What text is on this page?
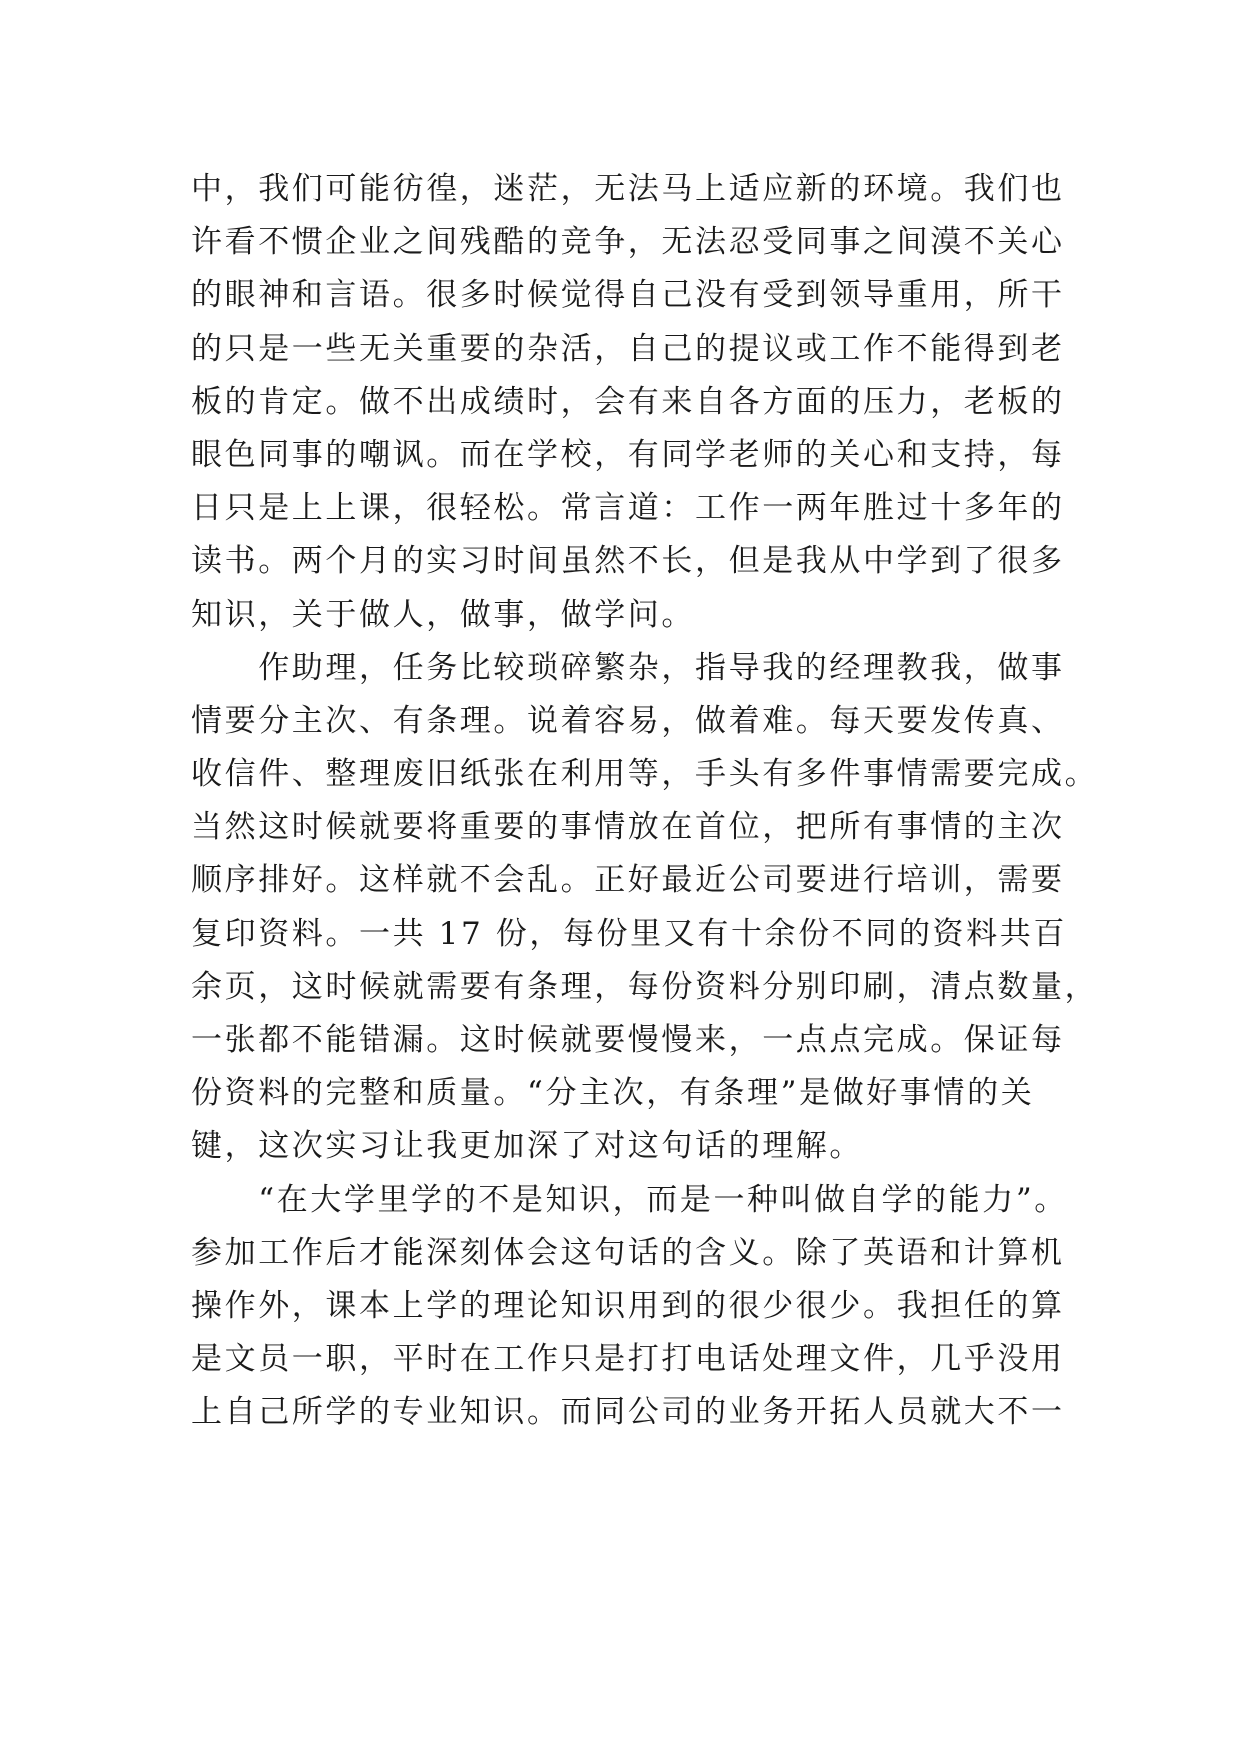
中，我们可能彷徨，迷茫，无法马上适应新的环境。我们也
许看不惯企业之间残酷的竞争，无法忍受同事之间漠不关心
的眼神和言语。很多时候觉得自己没有受到领导重用，所干
的只是一些无关重要的杂活，自己的提议或工作不能得到老
板的肯定。做不出成绩时，会有来自各方面的压力，老板的
眼色同事的嘲讽。而在学校，有同学老师的关心和支持，每
日只是上上课，很轻松。常言道：工作一两年胜过十多年的
读书。两个月的实习时间虽然不长，但是我从中学到了很多
知识，关于做人，做事，做学问。
　　作助理，任务比较琐碎繁杂，指导我的经理教我，做事
情要分主次、有条理。说着容易，做着难。每天要发传真、
收信件、整理废旧纸张在利用等，手头有多件事情需要完成。
当然这时候就要将重要的事情放在首位，把所有事情的主次
顺序排好。这样就不会乱。正好最近公司要进行培训，需要
复印资料。一共 17 份，每份里又有十余份不同的资料共百
余页，这时候就需要有条理，每份资料分别印刷，清点数量，
一张都不能错漏。这时候就要慢慢来，一点点完成。保证每
份资料的完整和质量。“分主次，有条理”是做好事情的关
键，这次实习让我更加深了对这句话的理解。
　　“在大学里学的不是知识，而是一种叫做自学的能力”。
参加工作后才能深刻体会这句话的含义。除了英语和计算机
操作外，课本上学的理论知识用到的很少很少。我担任的算
是文员一职，平时在工作只是打打电话处理文件，几乎没用
上自己所学的专业知识。而同公司的业务开拓人员就大不一
